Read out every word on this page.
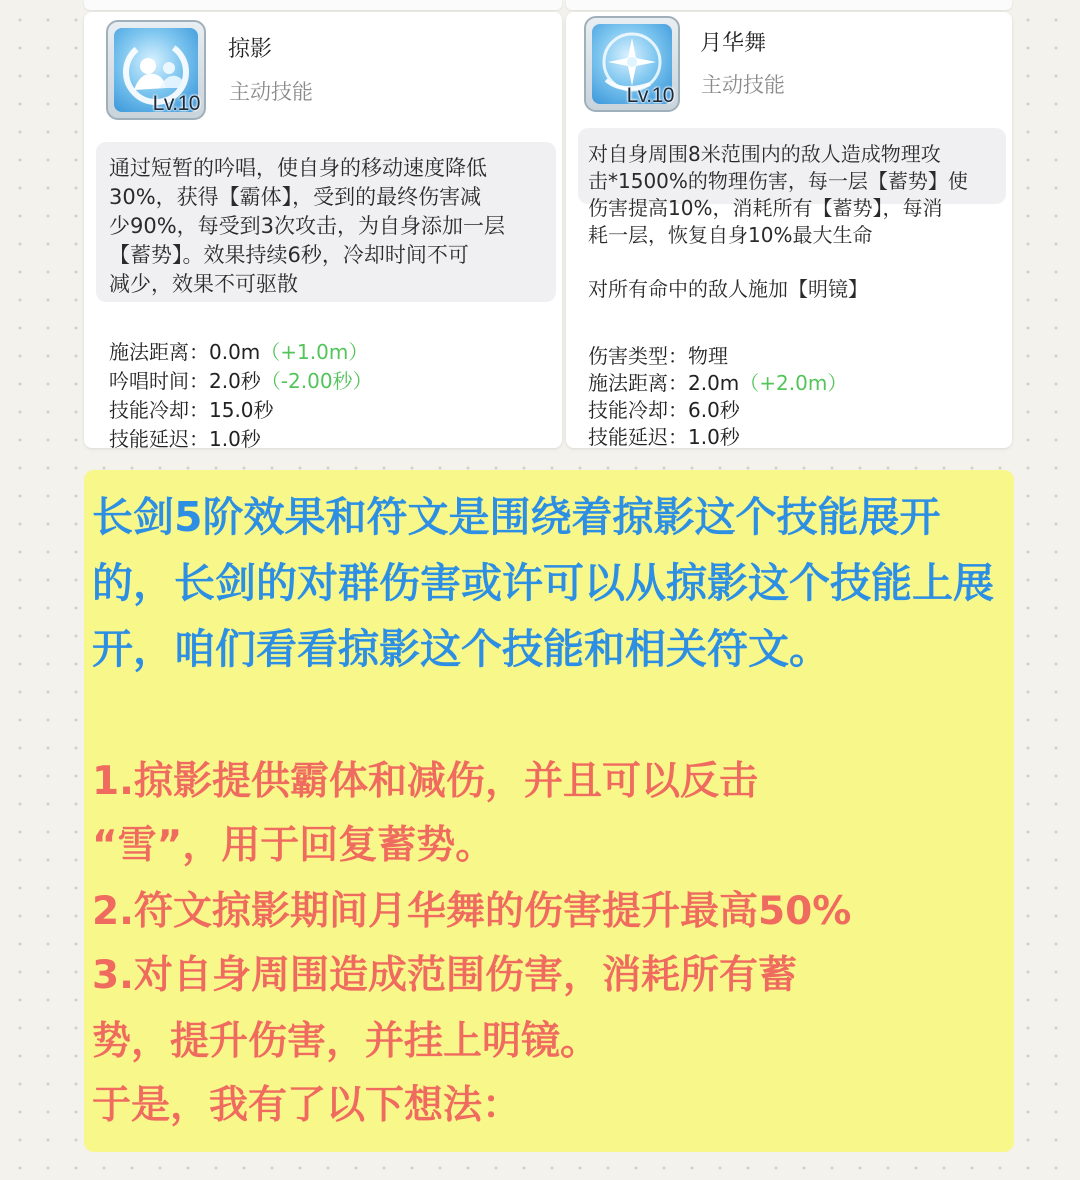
Lv.10
掠影
主动技能

通过短暂的吟唱，使自身的移动速度降低
30%，获得【霸体】，受到的最终伤害减
少90%，每受到3次攻击，为自身添加一层
【蓄势】。效果持续6秒，冷却时间不可
减少，效果不可驱散

施法距离：0.0m（+1.0m）
吟唱时间：2.0秒（-2.00秒）
技能冷却：15.0秒
技能延迟：1.0秒
Lv.10
月华舞
主动技能

对自身周围8米范围内的敌人造成物理攻
击*1500%的物理伤害，每一层【蓄势】使
伤害提高10%，消耗所有【蓄势】，每消
耗一层，恢复自身10%最大生命

对所有命中的敌人施加【明镜】

伤害类型：物理
施法距离：2.0m（+2.0m）
技能冷却：6.0秒
技能延迟：1.0秒

长剑5阶效果和符文是围绕着掠影这个技能展开的，长剑的对群伤害或许可以从掠影这个技能上展开，咱们看看掠影这个技能和相关符文。

1.掠影提供霸体和减伤，并且可以反击

“雪”，用于回复蓄势。

2.符文掠影期间月华舞的伤害提升最高50%

3.对自身周围造成范围伤害，消耗所有蓄

势，提升伤害，并挂上明镜。

于是，我有了以下想法：
